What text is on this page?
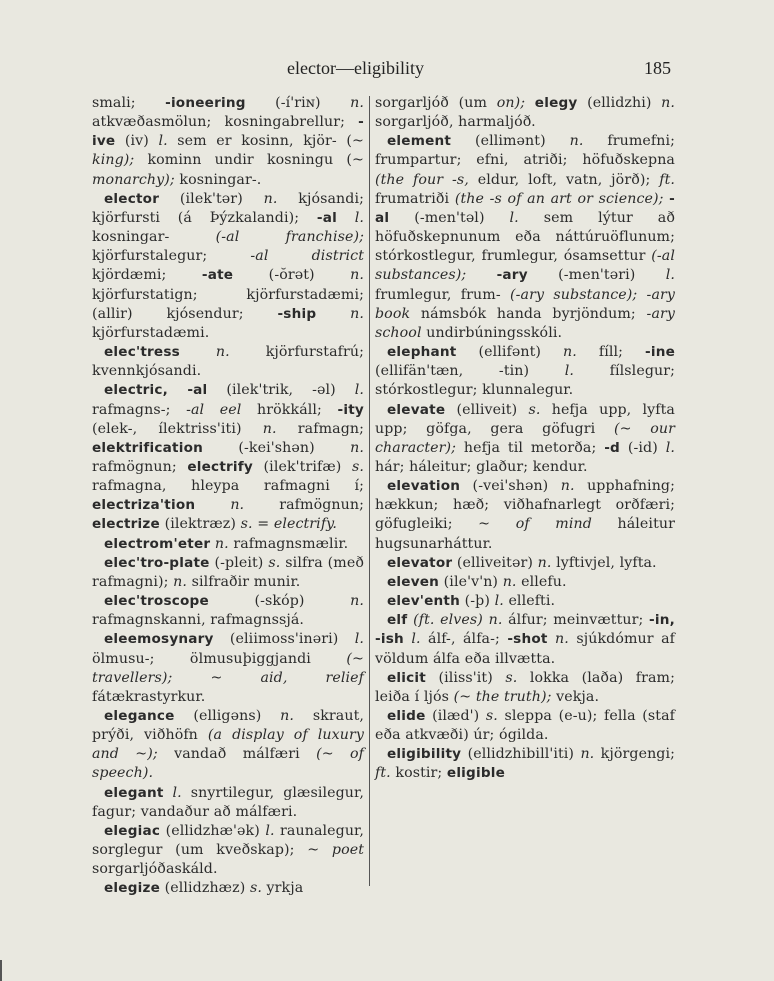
elector—eligibility	185

smali; -ioneering (-í'riɴ) n. atkvæðasmölun; kosningabrellur; -ive (iv) l. sem er kosinn, kjör- (~ king); kominn undir kosningu (~ monarchy); kosningar-.

elector (ilek'tər) n. kjósandi; kjörfursti (á Þýzkalandi); -al l. kosningar- (-al franchise); kjörfurstalegur; -al district kjördæmi; -ate (-ŏrət) n. kjörfurstatign; kjörfurstadæmi; (allir) kjósendur; -ship n. kjörfurstadæmi.

elec'tress	n. kjörfurstafrú; kvennkjósandi.

electric, -al (ilek'trik, -əl) l. rafmagns-; -al eel hrökkáll; -ity (elek-, ílektriss'iti) n. rafmagn; elektrification (-kei'shən) n. rafmögnun; electrify (ilek'trifæ) s. rafmagna, hleypa rafmagni í; electriza'tion n. rafmögnun; electrize (ilektræz) s. = electrify.

electrom'eter n. rafmagnsmælir.

elec'tro-plate (-pleit) s. silfra (með rafmagni); n. silfraðir munir.

elec'troscope (-skóp) n. rafmagnskanni, rafmagnssjá.

eleemosynary (eliimoss'inəri) l. ölmusu-; ölmusuþiggjandi (~ travellers); ~ aid, relief fátækrastyrkur.

elegance (elligəns) n. skraut, prýði, viðhöfn (a display of luxury and ~); vandað málfæri (~ of speech).

elegant l. snyrtilegur, glæsilegur, fagur; vandaður að málfæri.

elegiac (ellidzhæ'ək) l. raunalegur, sorglegur (um kveðskap); ~ poet sorgarljóðaskáld.

elegize (ellidzhæz) s. yrkja

sorgarljóð (um on); elegy (ellidzhi) n. sorgarljóð, harmaljóð.

element (ellimənt) n. frumefni; frumpartur; efni, atriði; höfuðskepna (the four -s, eldur, loft, vatn, jörð); ft. frumatriði (the -s of an art or science); -al (-men'təl) l. sem lýtur að höfuðskepnunum eða náttúruöflunum; stórkostlegur, frumlegur, ósamsettur (-al substances); -ary (-men'təri) l. frumlegur, frum- (-ary substance); -ary book námsbók handa byrjöndum; -ary school undirbúningsskóli.

elephant (ellifənt) n. fíll; -ine (ellifän'tæn, -tin) l. fílslegur; stórkostlegur; klunnalegur.

elevate (elliveit) s. hefja upp, lyfta upp; göfga, gera göfugri (~ our character); hefja til metorða; -d (-id) l. hár; háleitur; glaður; kendur.

elevation (-vei'shən) n. upphafning; hækkun; hæð; viðhafnarlegt orðfæri; göfugleiki; ~ of mind háleitur hugsunarháttur.

elevator (elliveitər) n. lyftivjel, lyfta.

eleven (ile'v'n) n. ellefu.

elev'enth (-þ) l. ellefti.

elf (ft. elves) n. álfur; meinvættur; -in, -ish l. álf-, álfa-; -shot n. sjúkdómur af völdum álfa eða illvætta.

elicit (iliss'it) s. lokka (laða) fram; leiða í ljós (~ the truth); vekja.

elide (ilæd') s. sleppa (e-u); fella (staf eða atkvæði) úr; ógilda.

eligibility (ellidzhibill'iti) n. kjörgengi; ft. kostir; eligible
